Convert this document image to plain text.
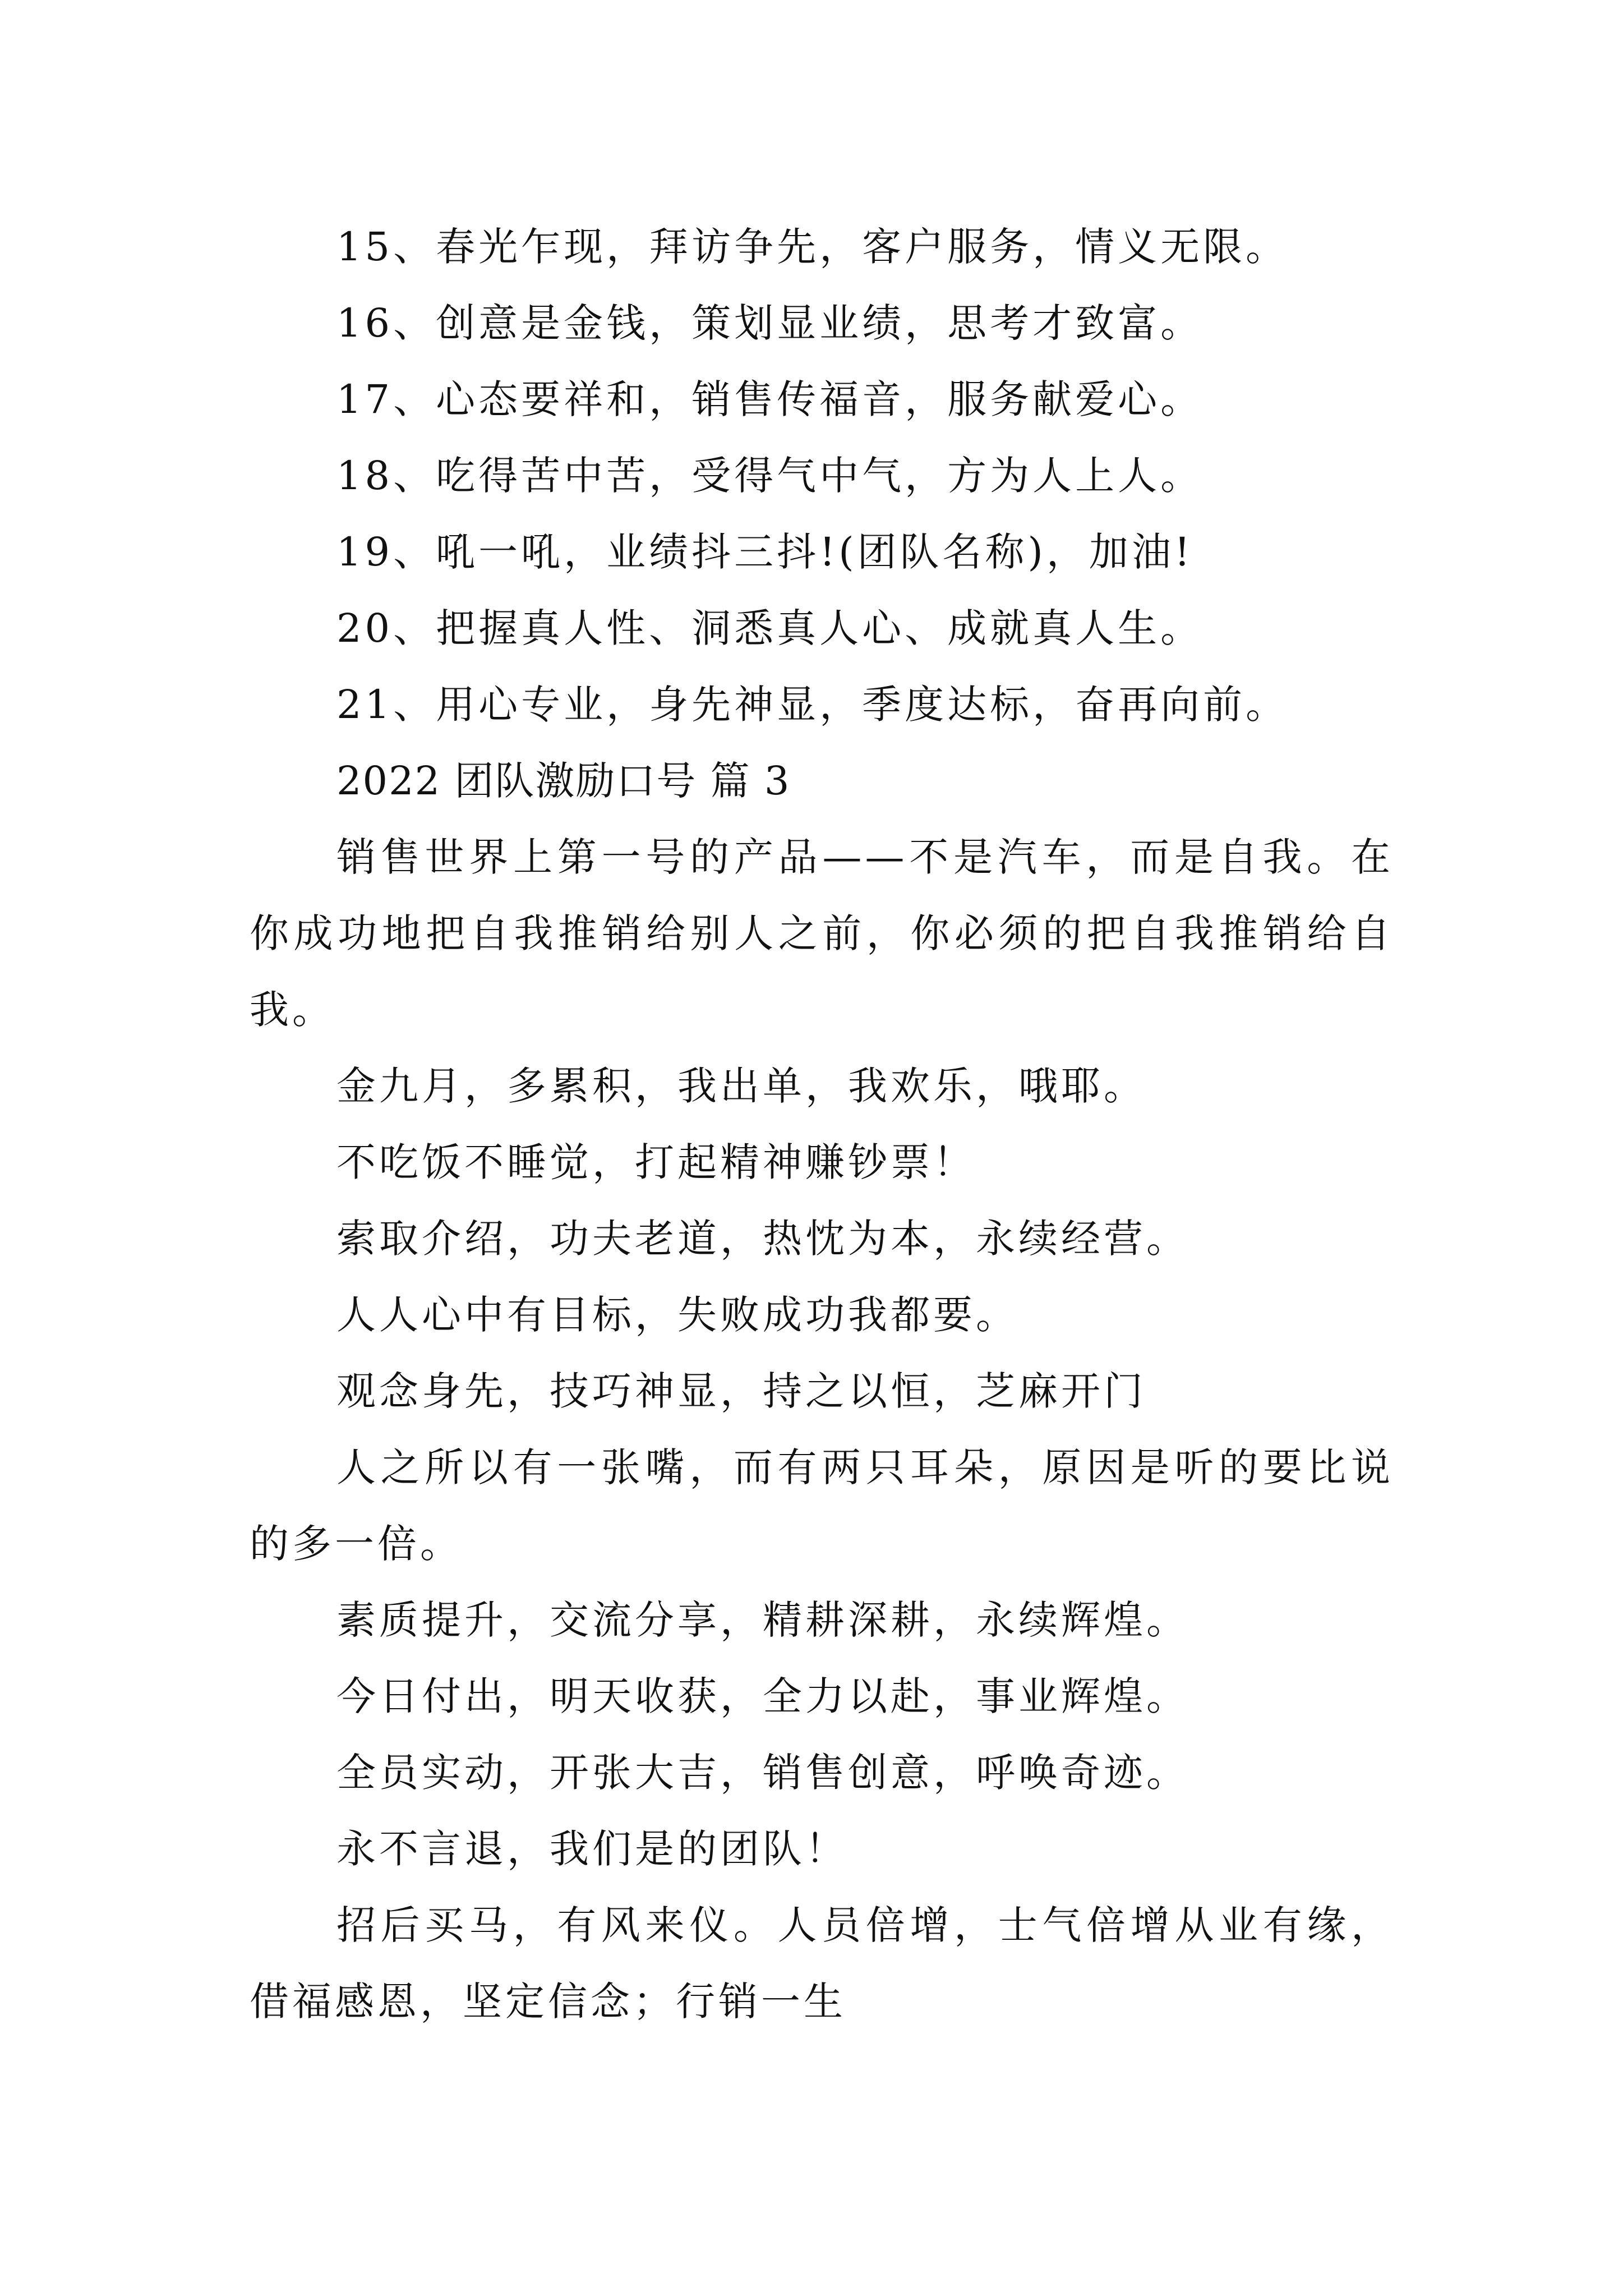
15、春光乍现，拜访争先，客户服务，情义无限。

16、创意是金钱，策划显业绩，思考才致富。

17、心态要祥和，销售传福音，服务献爱心。

18、吃得苦中苦，受得气中气，方为人上人。

19、吼一吼，业绩抖三抖!(团队名称)，加油!

20、把握真人性、洞悉真人心、成就真人生。

21、用心专业，身先神显，季度达标，奋再向前。

2022 团队激励口号 篇 3

销售世界上第一号的产品——不是汽车，而是自我。在你成功地把自我推销给别人之前，你必须的把自我推销给自我。

金九月，多累积，我出单，我欢乐，哦耶。

不吃饭不睡觉，打起精神赚钞票！

索取介绍，功夫老道，热忱为本，永续经营。

人人心中有目标，失败成功我都要。

观念身先，技巧神显，持之以恒，芝麻开门

人之所以有一张嘴，而有两只耳朵，原因是听的要比说的多一倍。

素质提升，交流分享，精耕深耕，永续辉煌。

今日付出，明天收获，全力以赴，事业辉煌。

全员实动，开张大吉，销售创意，呼唤奇迹。

永不言退，我们是的团队！

招后买马，有风来仪。人员倍增，士气倍增从业有缘，借福感恩，坚定信念；行销一生
